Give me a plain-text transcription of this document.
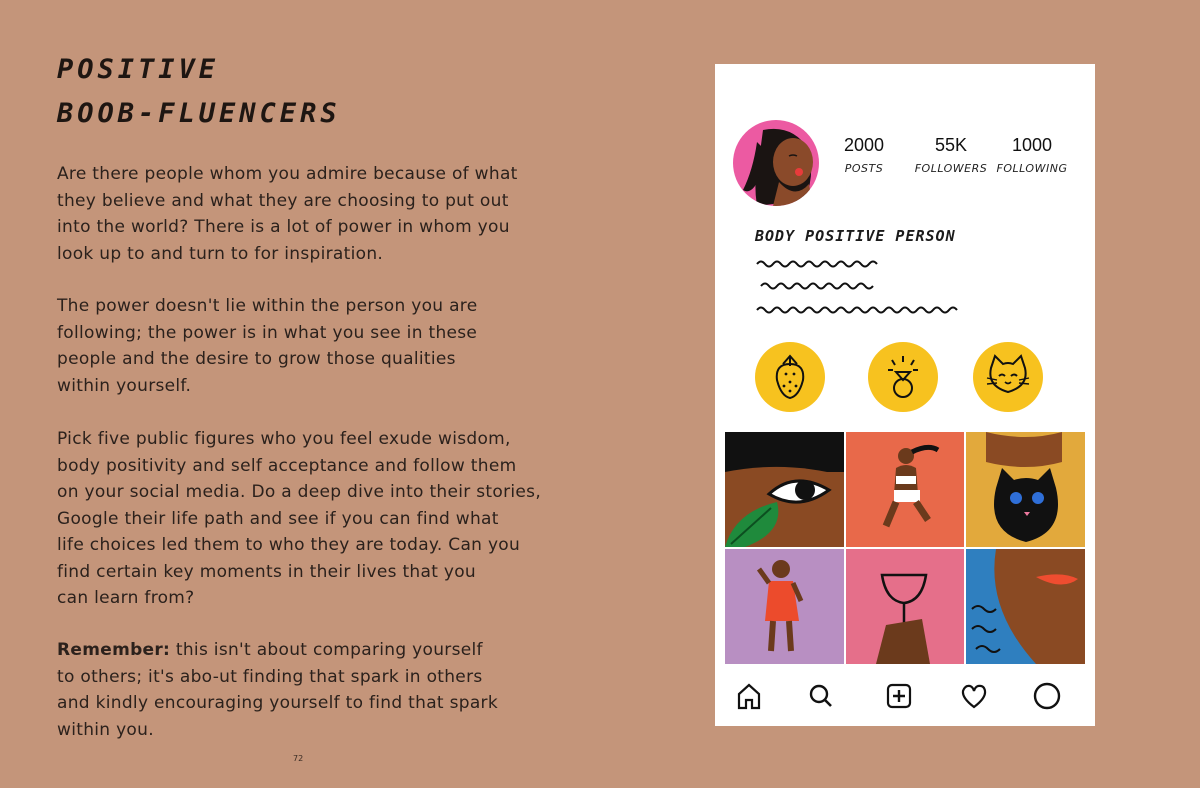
POSITIVE
BOOB-FLUENCERS

Are there people whom you admire because of what
they believe and what they are choosing to put out
into the world? There is a lot of power in whom you
look up to and turn to for inspiration.

The power doesn't lie within the person you are
following; the power is in what you see in these
people and the desire to grow those qualities
within yourself.

Pick five public figures who you feel exude wisdom,
body positivity and self acceptance and follow them
on your social media. Do a deep dive into their stories,
Google their life path and see if you can find what
life choices led them to who they are today. Can you
find certain key moments in their lives that you
can learn from?

Remember: this isn't about comparing yourself
to others; it's abo-ut finding that spark in others
and kindly encouraging yourself to find that spark
within you.

72
2000
POSTS
55K
FOLLOWERS
1000
FOLLOWING
BODY POSITIVE PERSON
